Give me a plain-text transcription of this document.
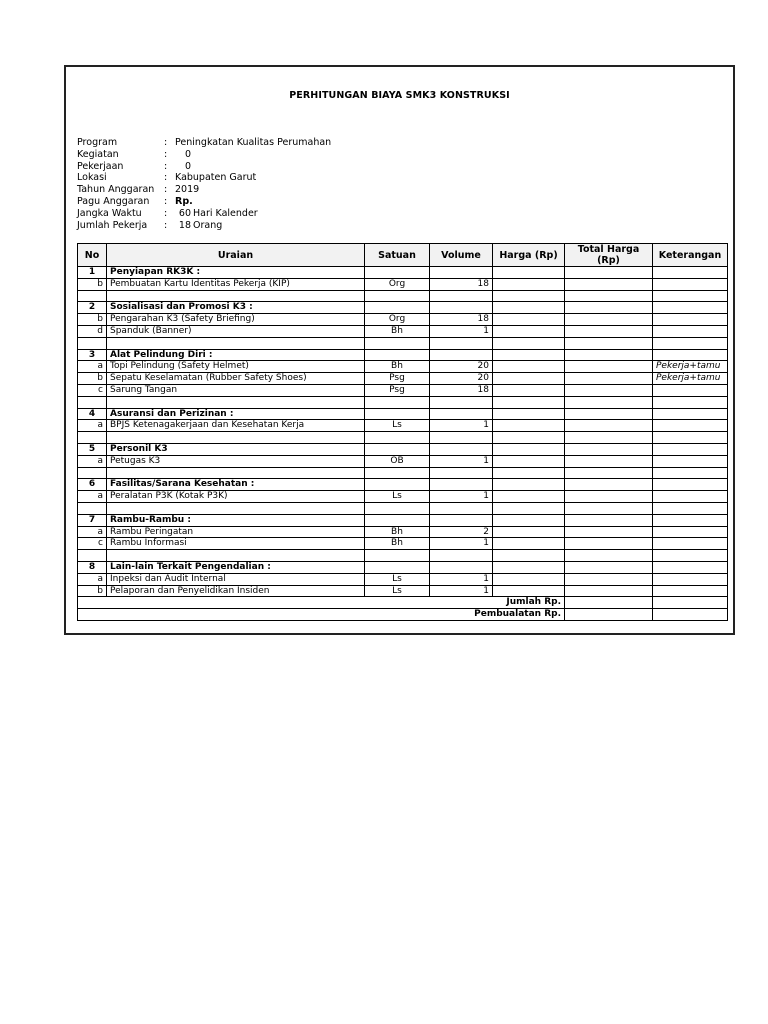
PERHITUNGAN BIAYA SMK3 KONSTRUKSI
Program	: Peningkatan Kualitas Perumahan
Kegiatan	:	0
Pekerjaan	:	0
Lokasi	: Kabupaten Garut
Tahun Anggaran	: 2019
Pagu Anggaran	: Rp.
Jangka Waktu	:	60 Hari Kalender
Jumlah Pekerja	:	18 Orang
No	Uraian	Satuan	Volume	Harga (Rp)	Total Harga (Rp)	Keterangan
1	Penyiapan RK3K :					
b	Pembuatan Kartu Identitas Pekerja (KIP)	Org	18			

2	Sosialisasi dan Promosi K3 :					
b	Pengarahan K3 (Safety Briefing)	Org	18			
d	Spanduk (Banner)	Bh	1			

3	Alat Pelindung Diri :					
a	Topi Pelindung (Safety Helmet)	Bh	20			Pekerja+tamu
b	Sepatu Keselamatan (Rubber Safety Shoes)	Psg	20			Pekerja+tamu
c	Sarung Tangan	Psg	18			

4	Asuransi dan Perizinan :					
a	BPJS Ketenagakerjaan dan Kesehatan Kerja	Ls	1			

5	Personil K3					
a	Petugas K3	OB	1			

6	Fasilitas/Sarana Kesehatan :					
a	Peralatan P3K (Kotak P3K)	Ls	1			

7	Rambu-Rambu :					
a	Rambu Peringatan	Bh	2			
c	Rambu Informasi	Bh	1			

8	Lain-lain Terkait Pengendalian :					
a	Inpeksi dan Audit Internal	Ls	1			
b	Pelaporan dan Penyelidikan Insiden	Ls	1			
Jumlah Rp.						
Pembualatan Rp.						
